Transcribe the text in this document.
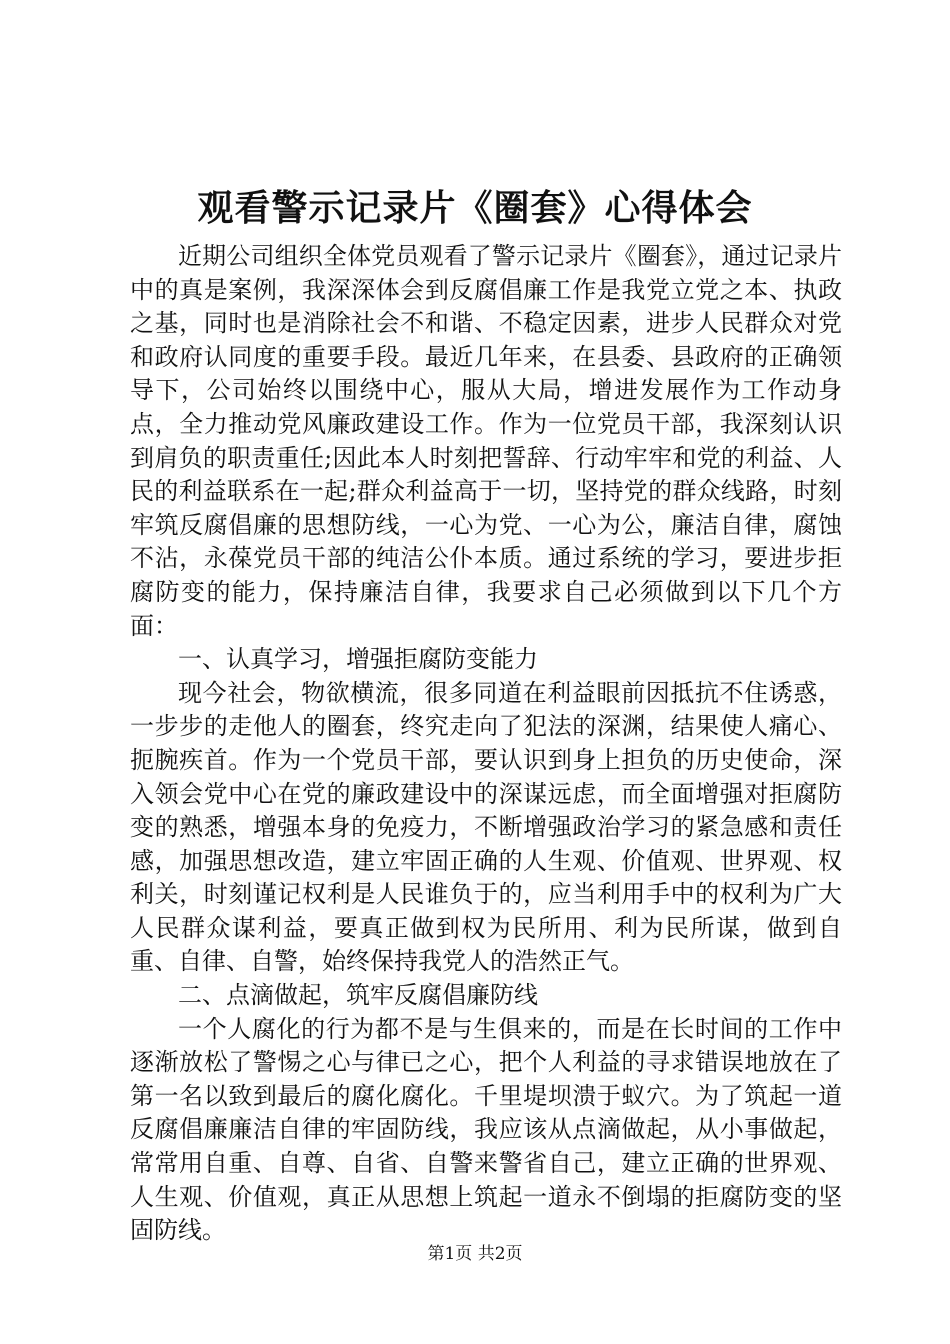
观看警示记录片《圈套》心得体会

近期公司组织全体党员观看了警示记录片《圈套》，通过记录片中的真是案例，我深深体会到反腐倡廉工作是我党立党之本、执政之基，同时也是消除社会不和谐、不稳定因素，进步人民群众对党和政府认同度的重要手段。最近几年来，在县委、县政府的正确领导下，公司始终以围绕中心，服从大局，增进发展作为工作动身点，全力推动党风廉政建设工作。作为一位党员干部，我深刻认识到肩负的职责重任;因此本人时刻把誓辞、行动牢牢和党的利益、人民的利益联系在一起;群众利益高于一切，坚持党的群众线路，时刻牢筑反腐倡廉的思想防线，一心为党、一心为公，廉洁自律，腐蚀不沾，永葆党员干部的纯洁公仆本质。通过系统的学习，要进步拒腐防变的能力，保持廉洁自律，我要求自己必须做到以下几个方面：

一、认真学习，增强拒腐防变能力

现今社会，物欲横流，很多同道在利益眼前因抵抗不住诱惑，一步步的走他人的圈套，终究走向了犯法的深渊，结果使人痛心、扼腕疾首。作为一个党员干部，要认识到身上担负的历史使命，深入领会党中心在党的廉政建设中的深谋远虑，而全面增强对拒腐防变的熟悉，增强本身的免疫力，不断增强政治学习的紧急感和责任感，加强思想改造，建立牢固正确的人生观、价值观、世界观、权利关，时刻谨记权利是人民谁负于的，应当利用手中的权利为广大人民群众谋利益，要真正做到权为民所用、利为民所谋，做到自重、自律、自警，始终保持我党人的浩然正气。

二、点滴做起，筑牢反腐倡廉防线

一个人腐化的行为都不是与生俱来的，而是在长时间的工作中逐渐放松了警惕之心与律已之心，把个人利益的寻求错误地放在了第一名以致到最后的腐化腐化。千里堤坝溃于蚁穴。为了筑起一道反腐倡廉廉洁自律的牢固防线，我应该从点滴做起，从小事做起，常常用自重、自尊、自省、自警来警省自己，建立正确的世界观、人生观、价值观，真正从思想上筑起一道永不倒塌的拒腐防变的坚固防线。

第1页 共2页
